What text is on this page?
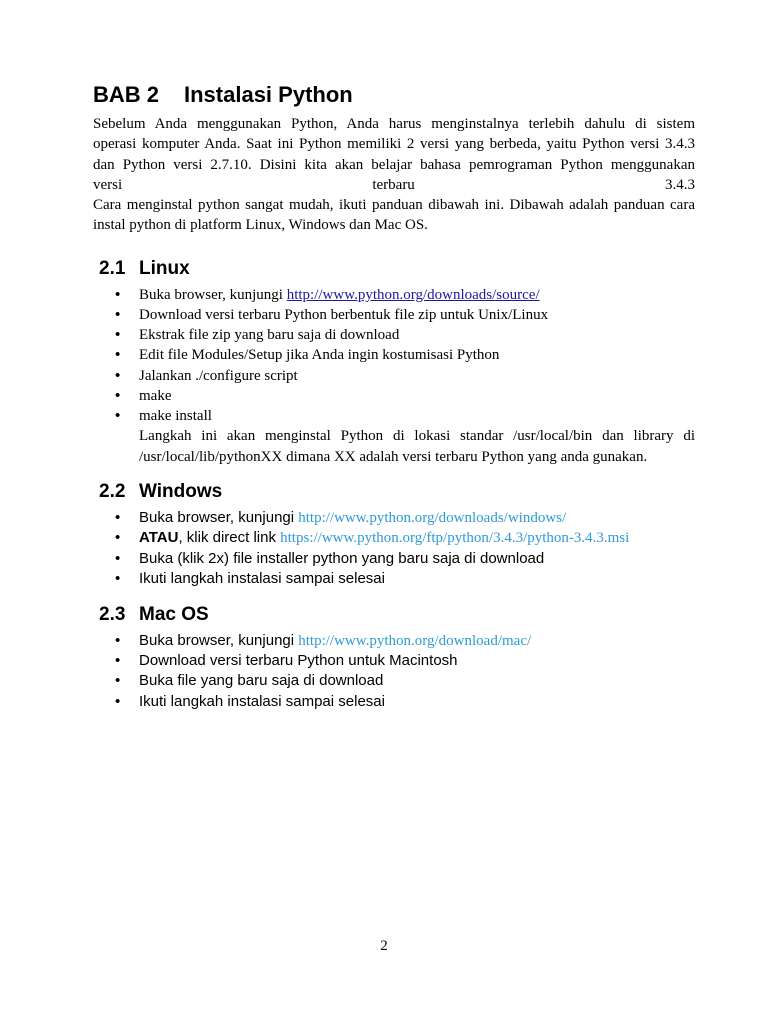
BAB 2 Instalasi Python

Sebelum Anda menggunakan Python, Anda harus menginstalnya terlebih dahulu di sistem
operasi komputer Anda. Saat ini Python memiliki 2 versi yang berbeda, yaitu Python versi 3.4.3
dan Python versi 2.7.10. Disini kita akan belajar bahasa pemrograman Python menggunakan
versi terbaru 3.4.3
Cara menginstal python sangat mudah, ikuti panduan dibawah ini. Dibawah adalah panduan cara
instal python di platform Linux, Windows dan Mac OS.

2.1 Linux
• Buka browser, kunjungi http://www.python.org/downloads/source/
• Download versi terbaru Python berbentuk file zip untuk Unix/Linux
• Ekstrak file zip yang baru saja di download
• Edit file Modules/Setup jika Anda ingin kostumisasi Python
• Jalankan ./configure script
• make
• make install
Langkah ini akan menginstal Python di lokasi standar /usr/local/bin dan library di
/usr/local/lib/pythonXX dimana XX adalah versi terbaru Python yang anda gunakan.
2.2 Windows
• Buka browser, kunjungi http://www.python.org/downloads/windows/
• ATAU, klik direct link https://www.python.org/ftp/python/3.4.3/python-3.4.3.msi
• Buka (klik 2x) file installer python yang baru saja di download
• Ikuti langkah instalasi sampai selesai
2.3 Mac OS
• Buka browser, kunjungi http://www.python.org/download/mac/
• Download versi terbaru Python untuk Macintosh
• Buka file yang baru saja di download
• Ikuti langkah instalasi sampai selesai
2
